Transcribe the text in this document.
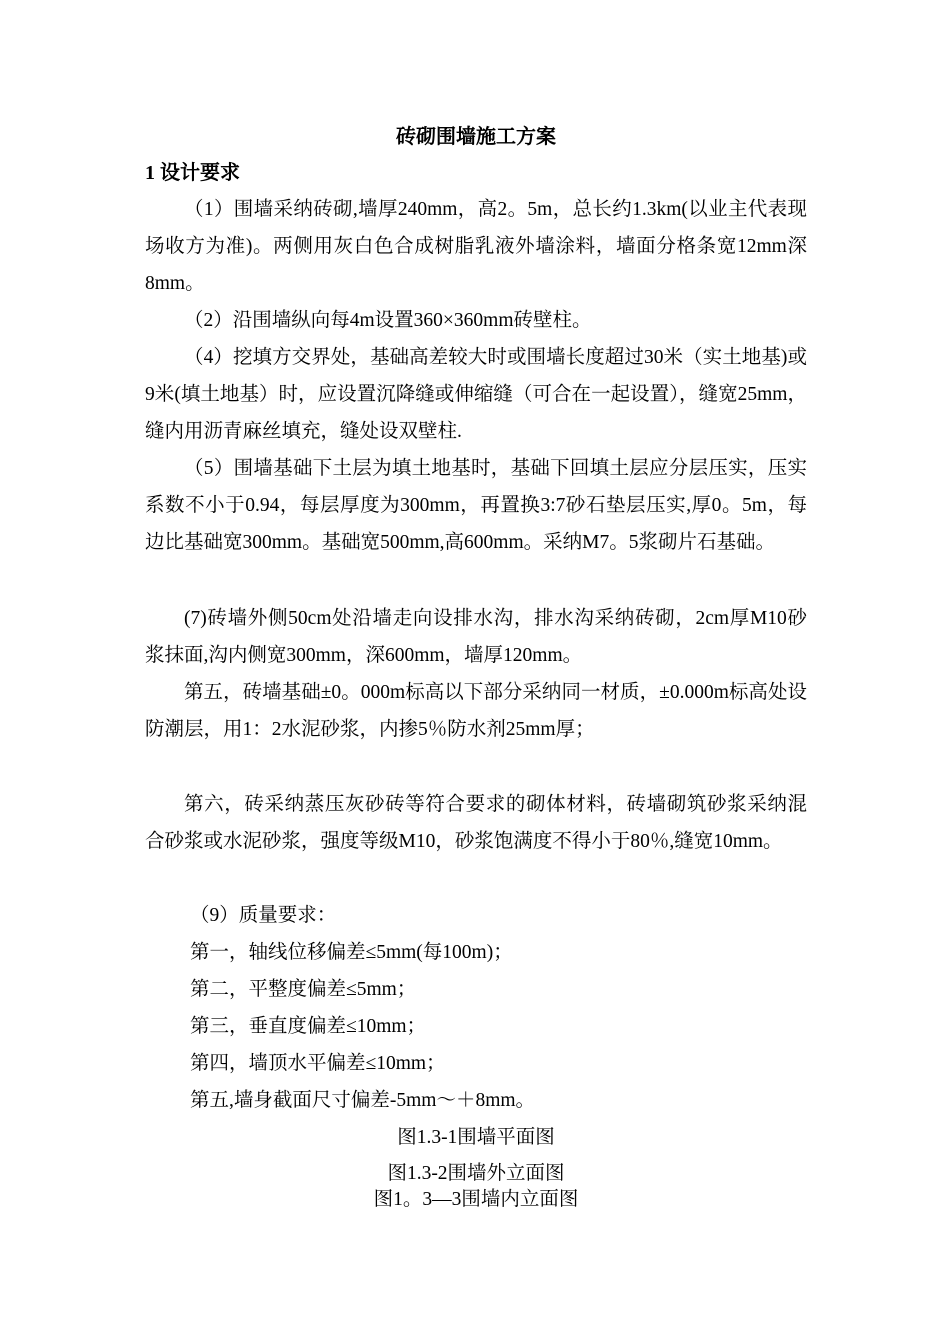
砖砌围墙施工方案
1 设计要求

（1）围墙采纳砖砌,墙厚240mm，高2。5m，总长约1.3km(以业主代表现场收方为准)。两侧用灰白色合成树脂乳液外墙涂料，墙面分格条宽12mm深8mm。

（2）沿围墙纵向每4m设置360×360mm砖壁柱。

（4）挖填方交界处，基础高差较大时或围墙长度超过30米（实土地基)或9米(填土地基）时，应设置沉降缝或伸缩缝（可合在一起设置），缝宽25mm，缝内用沥青麻丝填充，缝处设双壁柱.

（5）围墙基础下土层为填土地基时，基础下回填土层应分层压实，压实系数不小于0.94，每层厚度为300mm，再置换3:7砂石垫层压实,厚0。5m，每边比基础宽300mm。基础宽500mm,高600mm。采纳M7。5浆砌片石基础。

(7)砖墙外侧50cm处沿墙走向设排水沟，排水沟采纳砖砌，2cm厚M10砂浆抹面,沟内侧宽300mm，深600mm，墙厚120mm。

第五，砖墙基础±0。000m标高以下部分采纳同一材质，±0.000m标高处设防潮层，用1：2水泥砂浆，内掺5％防水剂25mm厚；

第六，砖采纳蒸压灰砂砖等符合要求的砌体材料，砖墙砌筑砂浆采纳混合砂浆或水泥砂浆，强度等级M10，砂浆饱满度不得小于80％,缝宽10mm。

（9）质量要求：
第一，轴线位移偏差≤5mm(每100m)；
第二，平整度偏差≤5mm；
第三，垂直度偏差≤10mm；
第四，墙顶水平偏差≤10mm；
第五,墙身截面尺寸偏差-5mm～＋8mm。
图1.3-1围墙平面图
图1.3-2围墙外立面图
图1。3—3围墙内立面图
